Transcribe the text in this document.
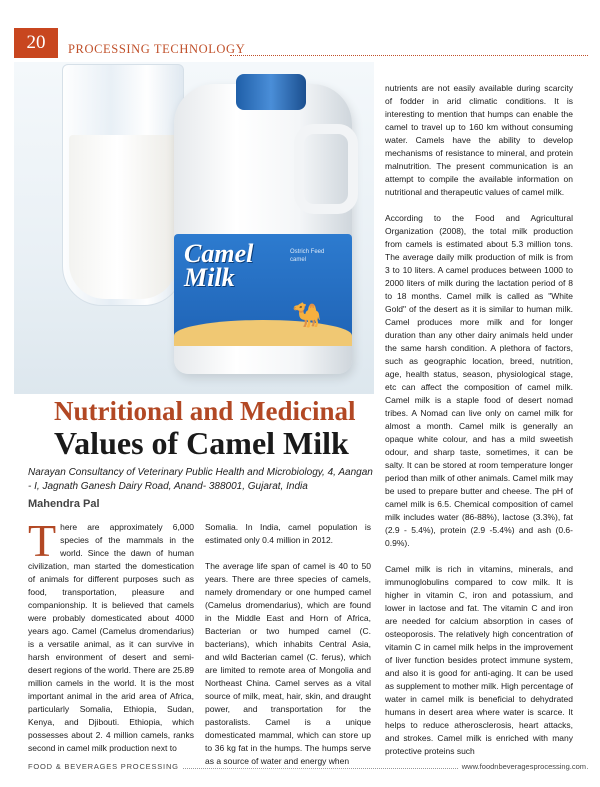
20	PROCESSING TECHNOLOGY
Camel
Milk
Ostrich Feed
camel
🐪
Nutritional and Medicinal
Values of Camel Milk
Narayan Consultancy of Veterinary Public Health and Microbiology, 4, Aangan - I, Jagnath Ganesh Dairy Road, Anand- 388001, Gujarat, India
Mahendra Pal
T here are approximately 6,000 species of the mammals in the world. Since the dawn of human civilization, man started the domestication of animals for different purposes such as food, transportation, pleasure and companionship. It is believed that camels were probably domesticated about 4000 years ago. Camel (Camelus dromendarius) is a versatile animal, as it can survive in harsh environment of desert and semi-desert regions of the world. There are 25.89 million camels in the world. It is the most important animal in the arid area of Africa, particularly Somalia, Ethiopia, Sudan, Kenya, and Djibouti. Ethiopia, which possesses about 2. 4 million camels, ranks second in camel milk production next to

Somalia. In India, camel population is estimated only 0.4 million in 2012.

The average life span of camel is 40 to 50 years. There are three species of camels, namely dromendary or one humped camel (Camelus dromendarius), which are found in the Middle East and Horn of Africa, Bacterian or two humped camel (C. bacterians), which inhabits Central Asia, and wild Bacterian camel (C. ferus), which are limited to remote area of Mongolia and Northeast China. Camel serves as a vital source of milk, meat, hair, skin, and draught power, and transportation for the pastoralists. Camel is a unique domesticated mammal, which can store up to 36 kg fat in the humps. The humps serve as a source of water and energy when

nutrients are not easily available during scarcity of fodder in arid climatic conditions. It is interesting to mention that humps can enable the camel to travel up to 160 km without consuming water. Camels have the ability to develop mechanisms of resistance to mineral, and protein malnutrition. The present communication is an attempt to compile the available information on nutritional and therapeutic values of camel milk.

According to the Food and Agricultural Organization (2008), the total milk production from camels is estimated about 5.3 million tons. The average daily milk production of milk is from 3 to 10 liters. A camel produces between 1000 to 2000 liters of milk during the lactation period of 8 to 18 months. Camel milk is called as "White Gold" of the desert as it is similar to human milk. Camel produces more milk and for longer duration than any other dairy animals held under the same harsh condition. A plethora of factors, such as geographic location, breed, nutrition, age, health status, season, physiological stage, etc can affect the composition of camel milk. Camel milk is a staple food of desert nomad tribes. A Nomad can live only on camel milk for almost a month. Camel milk is generally an opaque white colour, and has a mild sweetish odour, and sharp taste, sometimes, it can be salty. It can be stored at room temperature longer period than milk of other animals. Camel milk may be used to prepare butter and cheese. The pH of camel milk is 6.5. Chemical composition of camel milk includes water (86-88%), lactose (3.3%), fat (2.9 - 5.4%), protein (2.9 -5.4%) and ash (0.6- 0.9%).

Camel milk is rich in vitamins, minerals, and immunoglobulins compared to cow milk. It is higher in vitamin C, iron and potassium, and lower in lactose and fat. The vitamin C and iron are needed for calcium absorption in cases of osteoporosis. The relatively high concentration of vitamin C in camel milk helps in the improvement of liver function besides protect immune system, and also it is good for anti-aging. It can be used as supplement to mother milk. High percentage of water in camel milk is beneficial to dehydrated humans in desert area where water is scarce. It helps to reduce atherosclerosis, heart attacks, and strokes. Camel milk is enriched with many protective proteins such

FOOD & BEVERAGES PROCESSING	www.foodnbeveragesprocessing.com
